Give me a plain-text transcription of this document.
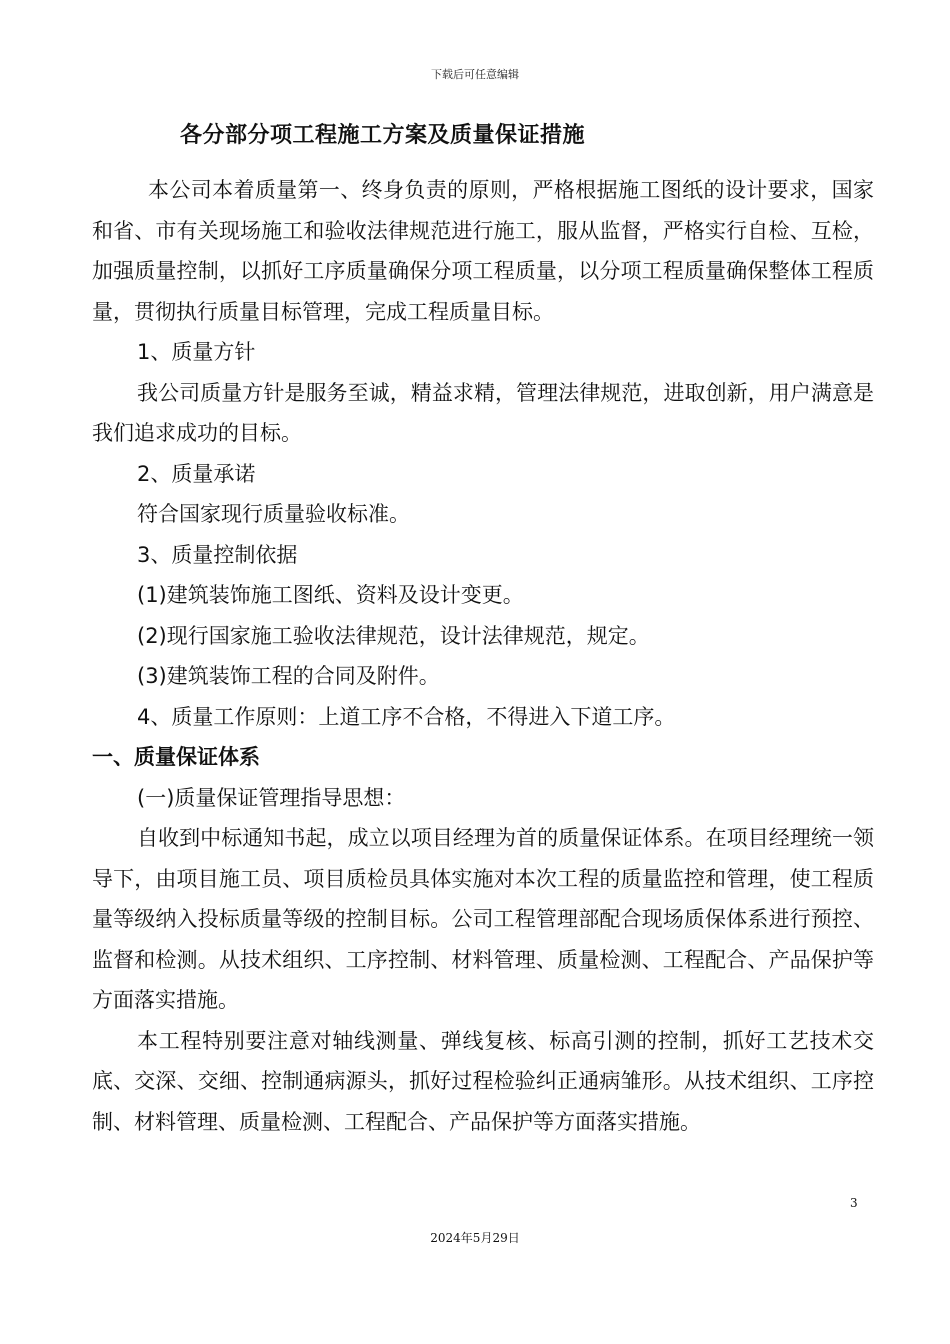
下载后可任意编辑
各分部分项工程施工方案及质量保证措施

本公司本着质量第一、终身负责的原则，严格根据施工图纸的设计要求，国家和省、市有关现场施工和验收法律规范进行施工，服从监督，严格实行自检、互检，加强质量控制，以抓好工序质量确保分项工程质量，以分项工程质量确保整体工程质量，贯彻执行质量目标管理，完成工程质量目标。

1、质量方针

我公司质量方针是服务至诚，精益求精，管理法律规范，进取创新，用户满意是我们追求成功的目标。

2、质量承诺

符合国家现行质量验收标准。

3、质量控制依据

(1)建筑装饰施工图纸、资料及设计变更。

(2)现行国家施工验收法律规范，设计法律规范，规定。

(3)建筑装饰工程的合同及附件。

4、质量工作原则：上道工序不合格，不得进入下道工序。

一、质量保证体系

(一)质量保证管理指导思想：

自收到中标通知书起，成立以项目经理为首的质量保证体系。在项目经理统一领导下，由项目施工员、项目质检员具体实施对本次工程的质量监控和管理，使工程质量等级纳入投标质量等级的控制目标。公司工程管理部配合现场质保体系进行预控、监督和检测。从技术组织、工序控制、材料管理、质量检测、工程配合、产品保护等方面落实措施。

本工程特别要注意对轴线测量、弹线复核、标高引测的控制，抓好工艺技术交底、交深、交细、控制通病源头，抓好过程检验纠正通病雏形。从技术组织、工序控制、材料管理、质量检测、工程配合、产品保护等方面落实措施。

3
2024年5月29日
